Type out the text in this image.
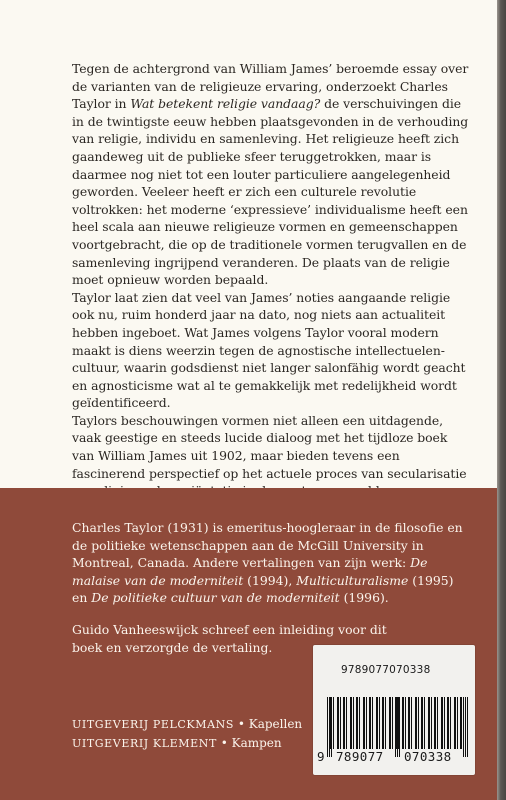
Tegen de achtergrond van William James’ beroemde essay over de varianten van de religieuze ervaring, onderzoekt Charles Taylor in Wat betekent religie vandaag? de verschuivingen die in de twintigste eeuw hebben plaatsgevonden in de verhouding van religie, individu en samenleving. Het religieuze heeft zich gaandeweg uit de publieke sfeer teruggetrokken, maar is daarmee nog niet tot een louter particuliere aangelegenheid geworden. Veeleer heeft er zich een culturele revolutie voltrokken: het moderne ‘expressieve’ individualisme heeft een heel scala aan nieuwe religieuze vormen en gemeenschappen voortgebracht, die op de traditionele vormen terugvallen en de samenleving ingrijpend veranderen. De plaats van de religie moet opnieuw worden bepaald.

Taylor laat zien dat veel van James’ noties aangaande religie ook nu, ruim honderd jaar na dato, nog niets aan actualiteit hebben ingeboet. Wat James volgens Taylor vooral modern maakt is diens weerzin tegen de agnostische intellectuelen-cultuur, waarin godsdienst niet langer salonfähig wordt geacht en agnosticisme wat al te gemakkelijk met redelijkheid wordt geïdentificeerd.

Taylors beschouwingen vormen niet alleen een uitdagende, vaak geestige en steeds lucide dialoog met het tijdloze boek van William James uit 1902, maar bieden tevens een fascinerend perspectief op het actuele proces van secularisatie

Charles Taylor (1931) is emeritus-hoogleraar in de filosofie en de politieke wetenschappen aan de McGill University in Montreal, Canada. Andere vertalingen van zijn werk: De malaise van de moderniteit (1994), Multiculturalisme (1995) en De politieke cultuur van de moderniteit (1996).

Guido Vanheeswijck schreef een inleiding voor dit boek en verzorgde de vertaling.
UITGEVERIJ PELCKMANS • Kapellen
UITGEVERIJ KLEMENT • Kampen
9789077070338
9 789077 070338
